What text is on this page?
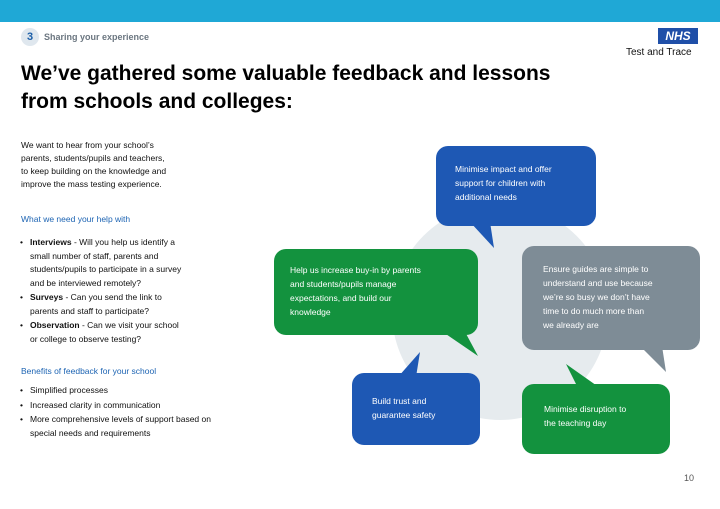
3	Sharing your experience	NHS
Test and Trace
We’ve gathered some valuable feedback and lessons from schools and colleges:
We want to hear from your school’s
parents, students/pupils and teachers,
to keep building on the knowledge and
improve the mass testing experience.
What we need your help with
• Interviews - Will you help us identify a
small number of staff, parents and
students/pupils to participate in a survey
and be interviewed remotely?
• Surveys - Can you send the link to
parents and staff to participate?
• Observation - Can we visit your school
or college to observe testing?
Benefits of feedback for your school
• Simplified processes
• Increased clarity in communication
• More comprehensive levels of support based on
special needs and requirements
Minimise impact and offer
support for children with
additional needs
Help us increase buy-in by parents
and students/pupils manage
expectations, and build our
knowledge
Ensure guides are simple to
understand and use because
we’re so busy we don’t have
time to do much more than
we already are
Build trust and
guarantee safety
Minimise disruption to
the teaching day
10
